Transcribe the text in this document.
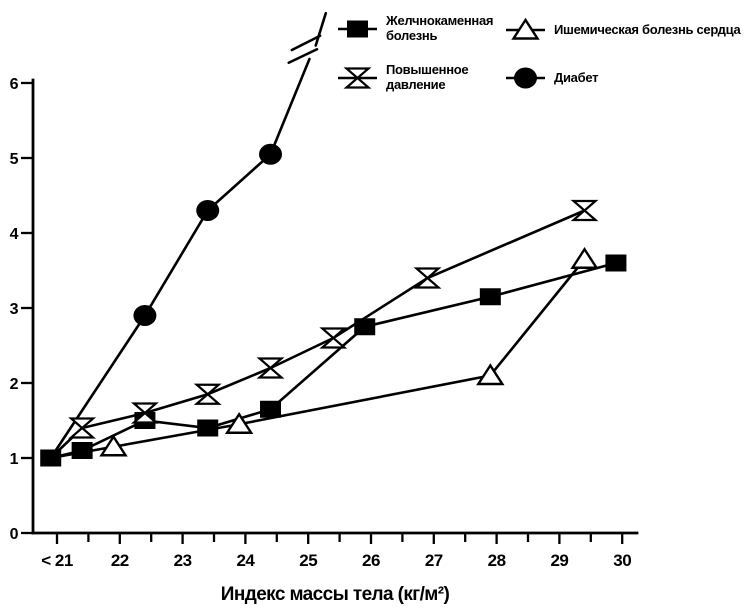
< 21 22	23	24	25	26	27	28	29	30
0
1
2
3
4
5
6
Индекс массы тела (кг/м²)
Желчнокаменная болезнь
Повышенное давление
Ишемическая болезнь сердца
Диабет
